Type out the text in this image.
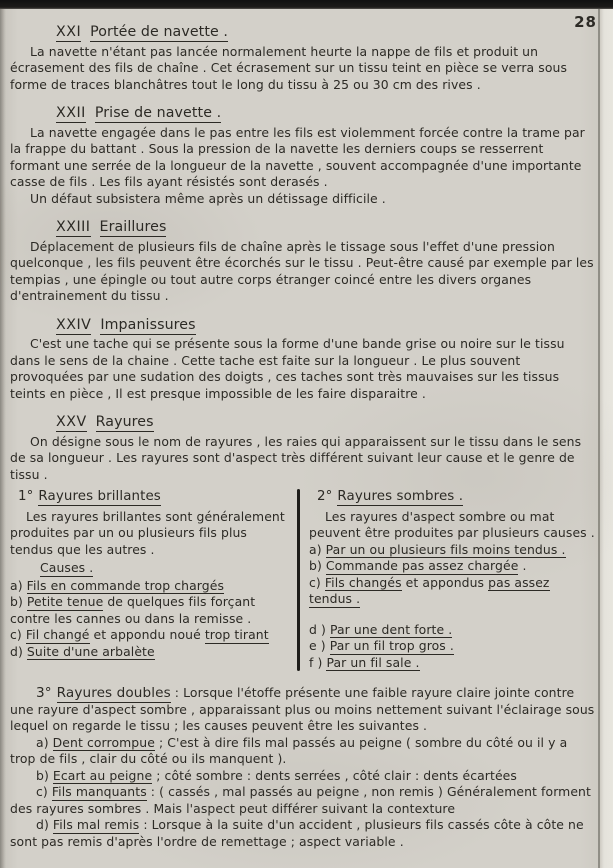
28
XXI Portée de navette .

La navette n'étant pas lancée normalement heurte la nappe de fils et produit un écrasement des fils de chaîne . Cet écrasement sur un tissu teint en pièce se verra sous forme de traces blanchâtres tout le long du tissu à 25 ou 30 cm des rives .

XXII Prise de navette .

La navette engagée dans le pas entre les fils est violemment forcée contre la trame par la frappe du battant . Sous la pression de la navette les derniers coups se resserrent formant une serrée de la longueur de la navette , souvent accompagnée d'une importante casse de fils . Les fils ayant résistés sont derasés .

Un défaut subsistera même après un détissage difficile .

XXIII Eraillures

Déplacement de plusieurs fils de chaîne après le tissage sous l'effet d'une pression quelconque , les fils peuvent être écorchés sur le tissu . Peut-être causé par exemple par les tempias , une épingle ou tout autre corps étranger coincé entre les divers organes d'entrainement du tissu .

XXIV Impanissures

C'est une tache qui se présente sous la forme d'une bande grise ou noire sur le tissu dans le sens de la chaine . Cette tache est faite sur la longueur . Le plus souvent provoquées par une sudation des doigts , ces taches sont très mauvaises sur les tissus teints en pièce , Il est presque impossible de les faire disparaitre .

XXV Rayures

On désigne sous le nom de rayures , les raies qui apparaissent sur le tissu dans le sens de sa longueur . Les rayures sont d'aspect très différent suivant leur cause et le genre de tissu .

1° Rayures brillantes

Les rayures brillantes sont généralement produites par un ou plusieurs fils plus tendus que les autres .

Causes .

a) Fils en commande trop chargés

b) Petite tenue de quelques fils forçant contre les cannes ou dans la remisse .

c) Fil changé et appondu noué trop tirant

d) Suite d'une arbalète

2° Rayures sombres .

Les rayures d'aspect sombre ou mat peuvent être produites par plusieurs causes .

a) Par un ou plusieurs fils moins tendus .

b) Commande pas assez chargée .

c) Fils changés et appondus pas assez tendus .

d ) Par une dent forte .

e ) Par un fil trop gros .

f ) Par un fil sale .

3° Rayures doubles : Lorsque l'étoffe présente une faible rayure claire jointe contre une rayure d'aspect sombre , apparaissant plus ou moins nettement suivant l'éclairage sous lequel on regarde le tissu ; les causes peuvent être les suivantes .

a) Dent corrompue ; C'est à dire fils mal passés au peigne ( sombre du côté ou il y a trop de fils , clair du côté ou ils manquent ).

b) Ecart au peigne ; côté sombre : dents serrées , côté clair : dents écartées

c) Fils manquants : ( cassés , mal passés au peigne , non remis ) Généralement forment des rayures sombres . Mais l'aspect peut différer suivant la contexture

d) Fils mal remis : Lorsque à la suite d'un accident , plusieurs fils cassés côte à côte ne sont pas remis d'après l'ordre de remettage ; aspect variable .
